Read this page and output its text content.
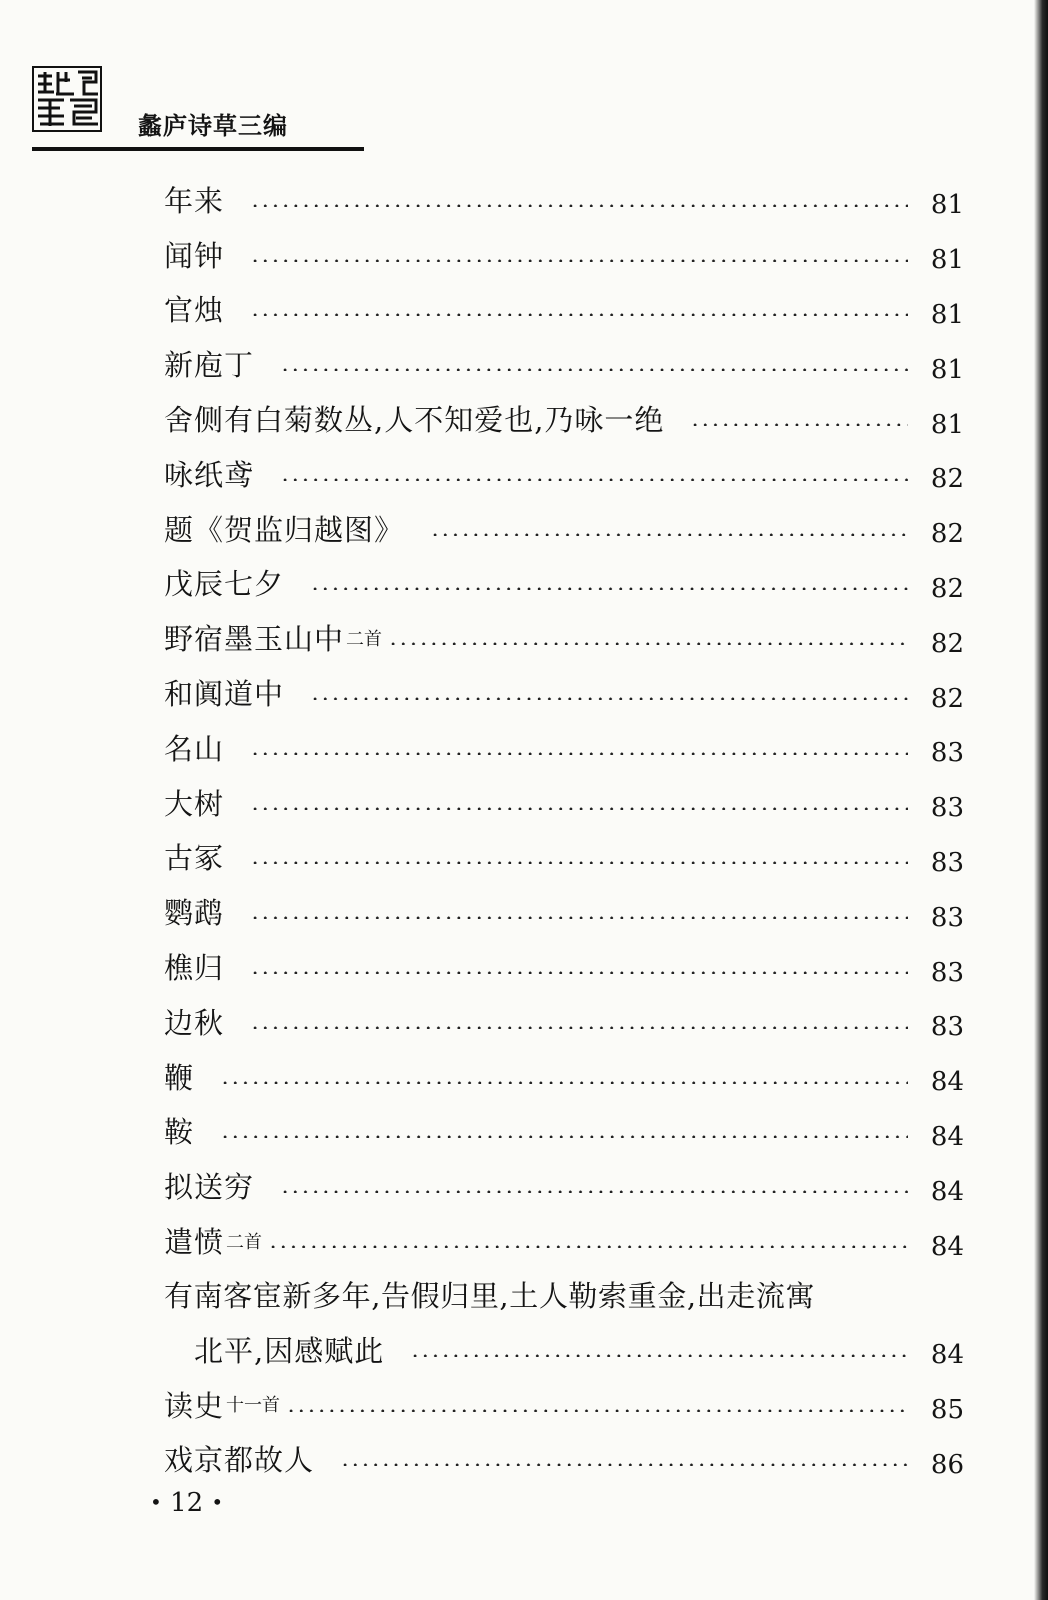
蠡庐诗草三编
年来	81
闻钟	81
官烛	81
新庖丁	81
舍侧有白菊数丛,人不知爱也,乃咏一绝	81
咏纸鸢	82
题《贺监归越图》	82
戊辰七夕	82
野宿墨玉山中 二首	82
和阗道中	82
名山	83
大树	83
古冢	83
鹦鹉	83
樵归	83
边秋	83
鞭	84
鞍	84
拟送穷	84
遣愤 二首	84
有南客宦新多年,告假归里,土人勒索重金,出走流寓
北平,因感赋此	84
读史 十一首	85
戏京都故人	86
• 12 •
